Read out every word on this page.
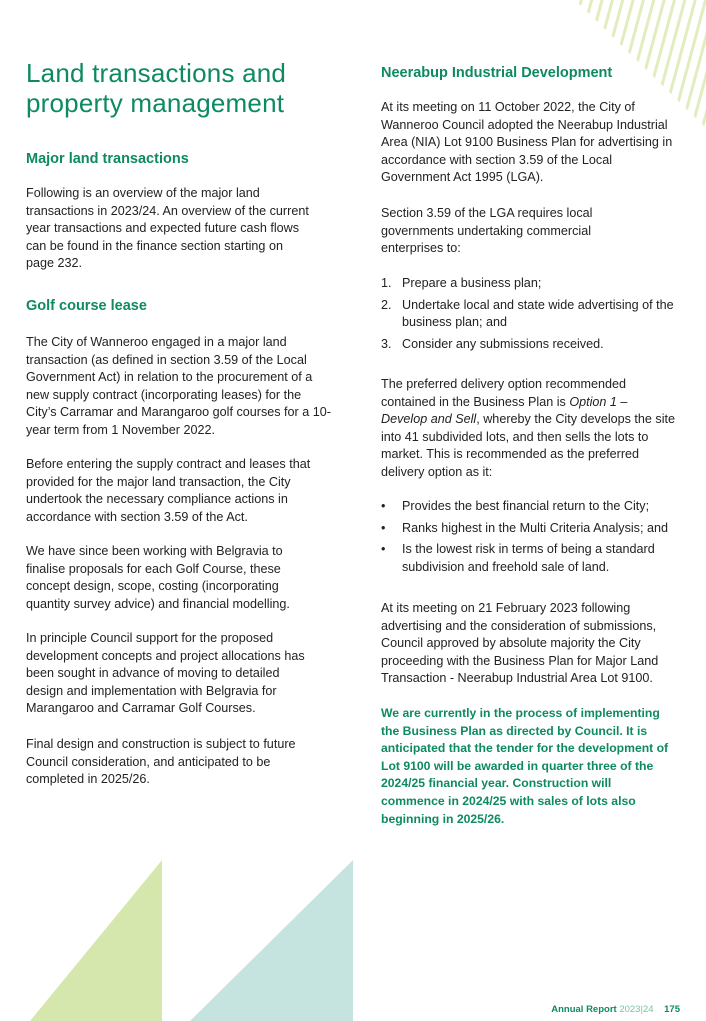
Land transactions and property management
Major land transactions

Following is an overview of the major land transactions in 2023/24. An overview of the current year transactions and expected future cash flows can be found in the finance section starting on page 232.

Golf course lease

The City of Wanneroo engaged in a major land transaction (as defined in section 3.59 of the Local Government Act) in relation to the procurement of a new supply contract (incorporating leases) for the City’s Carramar and Marangaroo golf courses for a 10-year term from 1 November 2022.

Before entering the supply contract and leases that provided for the major land transaction, the City undertook the necessary compliance actions in accordance with section 3.59 of the Act.

We have since been working with Belgravia to finalise proposals for each Golf Course, these concept design, scope, costing (incorporating quantity survey advice) and financial modelling.

In principle Council support for the proposed development concepts and project allocations has been sought in advance of moving to detailed design and implementation with Belgravia for Marangaroo and Carramar Golf Courses.

Final design and construction is subject to future Council consideration, and anticipated to be completed in 2025/26.

Neerabup Industrial Development

At its meeting on 11 October 2022, the City of Wanneroo Council adopted the Neerabup Industrial Area (NIA) Lot 9100 Business Plan for advertising in accordance with section 3.59 of the Local Government Act 1995 (LGA).

Section 3.59 of the LGA requires local governments undertaking commercial enterprises to:

1. Prepare a business plan;
2. Undertake local and state wide advertising of the business plan; and
3. Consider any submissions received.

The preferred delivery option recommended contained in the Business Plan is Option 1 – Develop and Sell, whereby the City develops the site into 41 subdivided lots, and then sells the lots to market. This is recommended as the preferred delivery option as it:

• Provides the best financial return to the City;
• Ranks highest in the Multi Criteria Analysis; and
• Is the lowest risk in terms of being a standard subdivision and freehold sale of land.

At its meeting on 21 February 2023 following advertising and the consideration of submissions, Council approved by absolute majority the City proceeding with the Business Plan for Major Land Transaction - Neerabup Industrial Area Lot 9100.

We are currently in the process of implementing the Business Plan as directed by Council. It is anticipated that the tender for the development of Lot 9100 will be awarded in quarter three of the 2024/25 financial year. Construction will commence in 2024/25 with sales of lots also beginning in 2025/26.

Annual Report 2023|24 175
